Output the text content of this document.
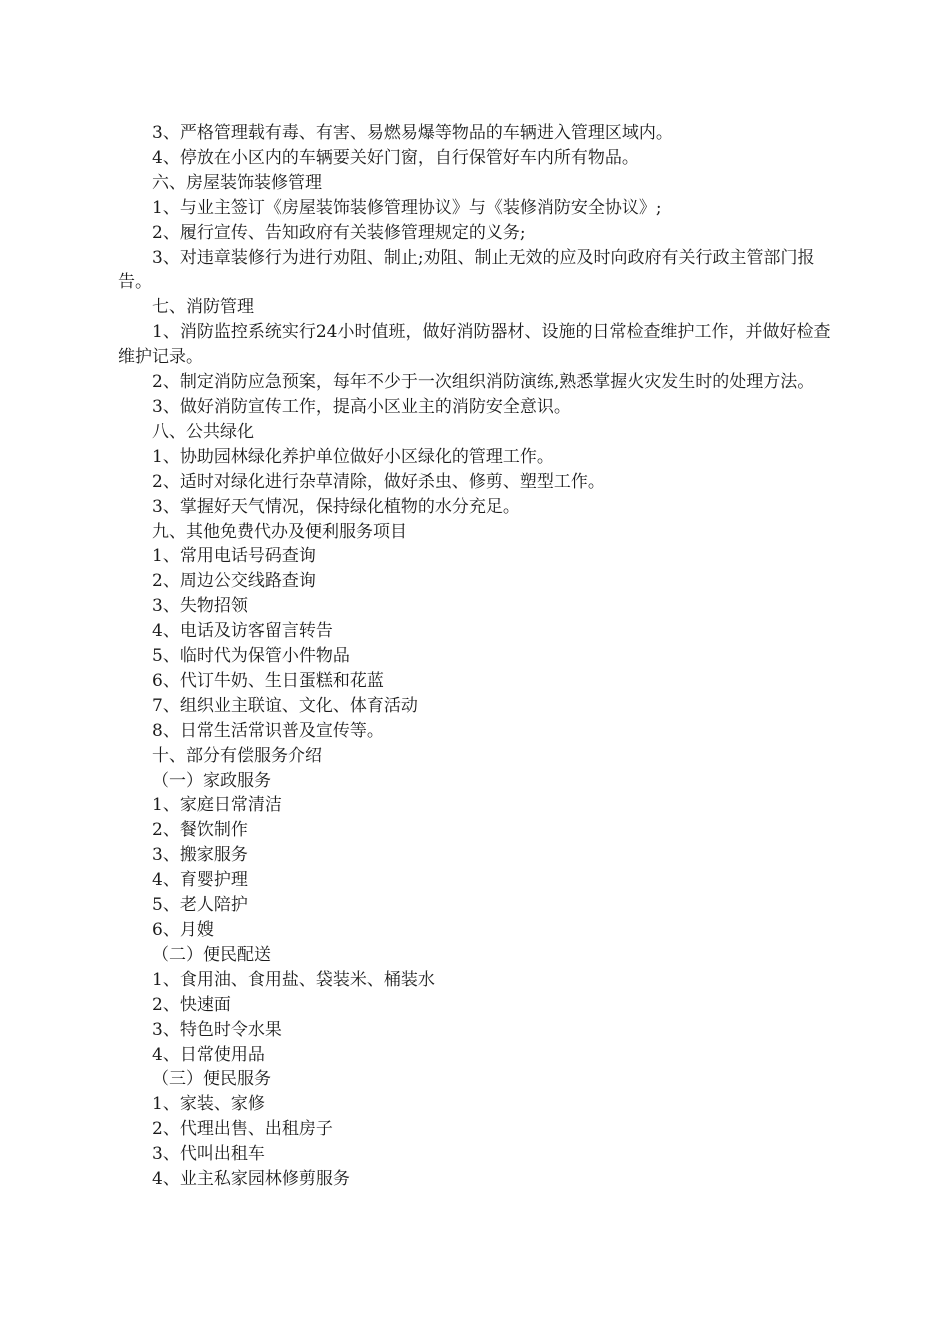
3、严格管理载有毒、有害、易燃易爆等物品的车辆进入管理区域内。

4、停放在小区内的车辆要关好门窗，自行保管好车内所有物品。

六、房屋装饰装修管理

1、与业主签订《房屋装饰装修管理协议》与《装修消防安全协议》;

2、履行宣传、告知政府有关装修管理规定的义务;

3、对违章装修行为进行劝阻、制止;劝阻、制止无效的应及时向政府有关行政主管部门报告。

七、消防管理

1、消防监控系统实行24小时值班，做好消防器材、设施的日常检查维护工作，并做好检查维护记录。

2、制定消防应急预案，每年不少于一次组织消防演练,熟悉掌握火灾发生时的处理方法。

3、做好消防宣传工作，提高小区业主的消防安全意识。

八、公共绿化

1、协助园林绿化养护单位做好小区绿化的管理工作。

2、适时对绿化进行杂草清除，做好杀虫、修剪、塑型工作。

3、掌握好天气情况，保持绿化植物的水分充足。

九、其他免费代办及便利服务项目

1、常用电话号码查询

2、周边公交线路查询

3、失物招领

4、电话及访客留言转告

5、临时代为保管小件物品

6、代订牛奶、生日蛋糕和花蓝

7、组织业主联谊、文化、体育活动

8、日常生活常识普及宣传等。

十、部分有偿服务介绍

（一）家政服务

1、家庭日常清洁

2、餐饮制作

3、搬家服务

4、育婴护理

5、老人陪护

6、月嫂

（二）便民配送

1、食用油、食用盐、袋装米、桶装水

2、快速面

3、特色时令水果

4、日常使用品

（三）便民服务

1、家装、家修

2、代理出售、出租房子

3、代叫出租车

4、业主私家园林修剪服务
